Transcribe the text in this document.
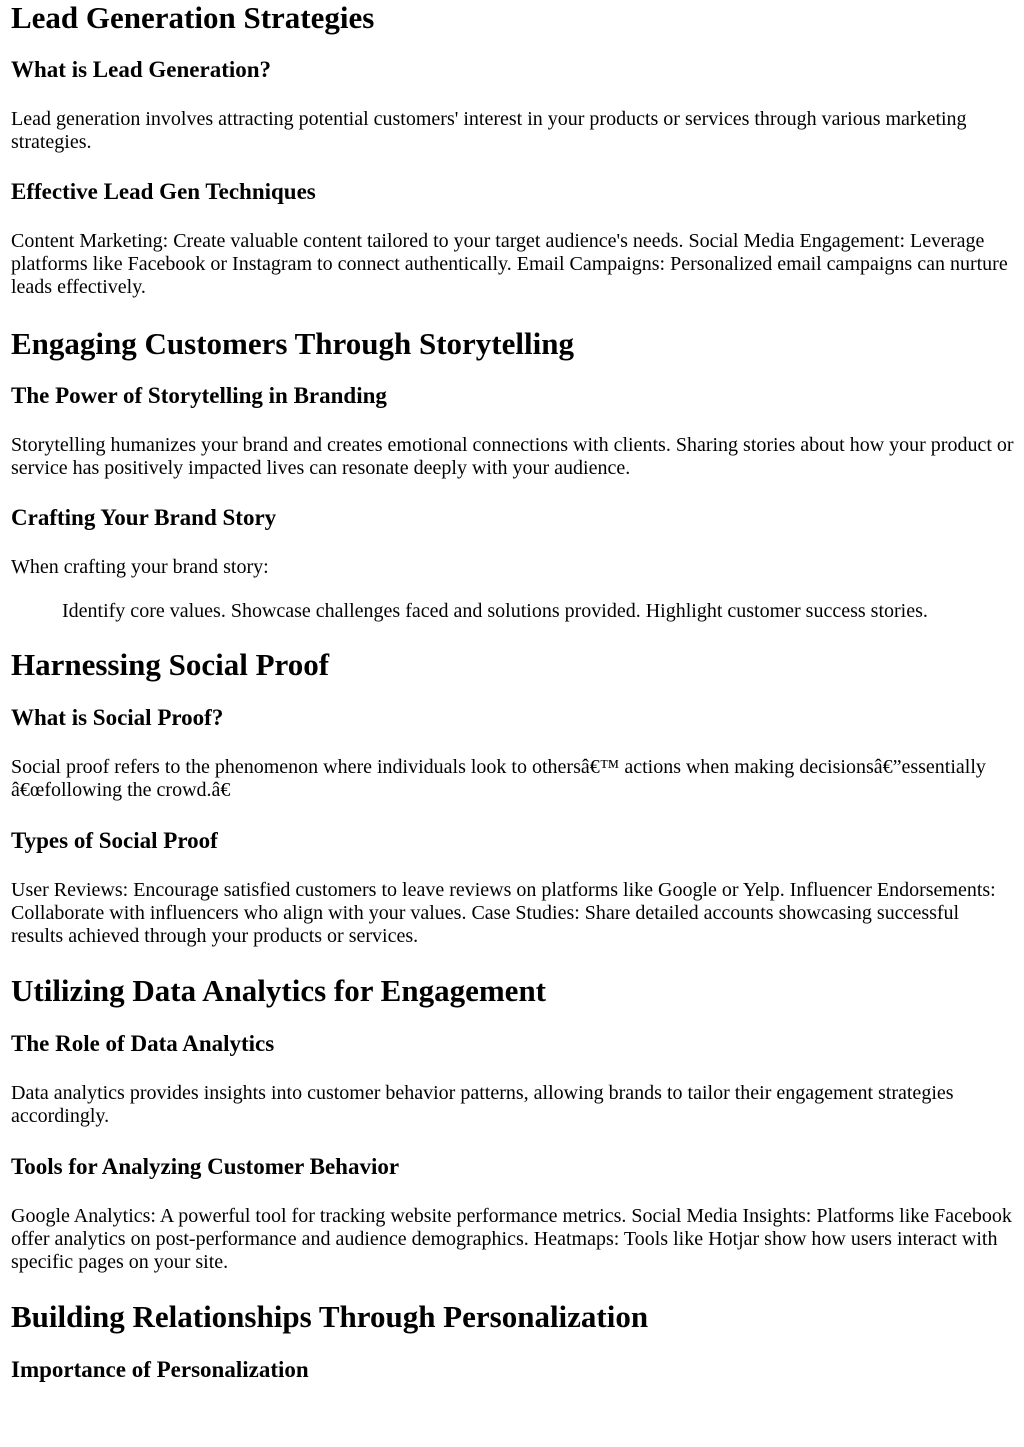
Lead Generation Strategies
What is Lead Generation?

Lead generation involves attracting potential customers' interest in your products or services through various marketing strategies.

Effective Lead Gen Techniques

Content Marketing: Create valuable content tailored to your target audience's needs. Social Media Engagement: Leverage platforms like Facebook or Instagram to connect authentically. Email Campaigns: Personalized email campaigns can nurture leads effectively.

Engaging Customers Through Storytelling
The Power of Storytelling in Branding

Storytelling humanizes your brand and creates emotional connections with clients. Sharing stories about how your product or service has positively impacted lives can resonate deeply with your audience.

Crafting Your Brand Story

When crafting your brand story:

Identify core values. Showcase challenges faced and solutions provided. Highlight customer success stories.

Harnessing Social Proof
What is Social Proof?

Social proof refers to the phenomenon where individuals look to othersâ€™ actions when making decisionsâ€”essentially â€œfollowing the crowd.â€

Types of Social Proof

User Reviews: Encourage satisfied customers to leave reviews on platforms like Google or Yelp. Influencer Endorsements: Collaborate with influencers who align with your values. Case Studies: Share detailed accounts showcasing successful results achieved through your products or services.

Utilizing Data Analytics for Engagement
The Role of Data Analytics

Data analytics provides insights into customer behavior patterns, allowing brands to tailor their engagement strategies accordingly.

Tools for Analyzing Customer Behavior

Google Analytics: A powerful tool for tracking website performance metrics. Social Media Insights: Platforms like Facebook offer analytics on post-performance and audience demographics. Heatmaps: Tools like Hotjar show how users interact with specific pages on your site.

Building Relationships Through Personalization
Importance of Personalization
